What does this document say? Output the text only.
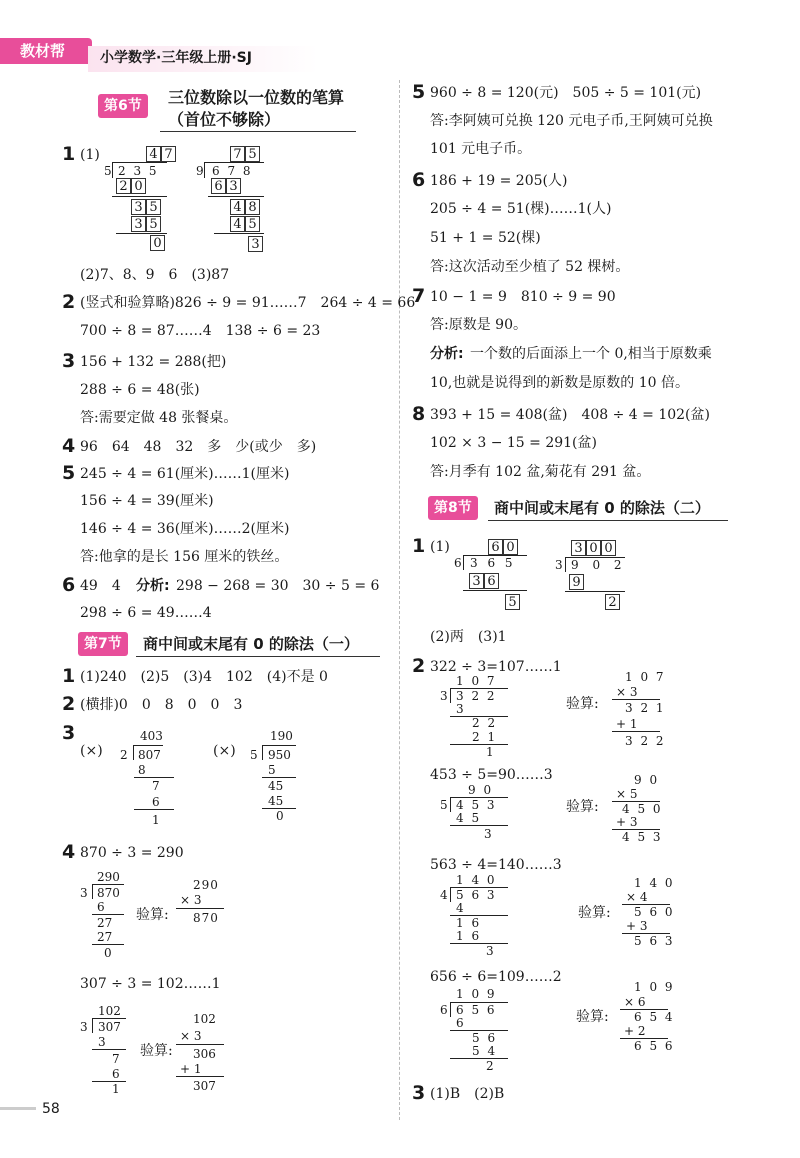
教材帮 小学数学·三年级上册·SJ
第6节	三位数除以一位数的笔算
（首位不够除）
1 (1)	4 7
5 2 3 5
2 0
3 5
3 5
0
7 5
9 6 7 8
6 3
4 8
4 5
3
(2)7、8、9　6　(3)87
2 (竖式和验算略)826 ÷ 9 = 91……7　264 ÷ 4 = 66
700 ÷ 8 = 87……4　138 ÷ 6 = 23
3 156 + 132 = 288(把)
288 ÷ 6 = 48(张)
答:需要定做 48 张餐桌。
4 96　64　48　32　多　少(或少　多)
5 245 ÷ 4 = 61(厘米)……1(厘米)
156 ÷ 4 = 39(厘米)
146 ÷ 4 = 36(厘米)……2(厘米)
答:他拿的是长 156 厘米的铁丝。
6 49　4 分析: 298 − 268 = 30　30 ÷ 5 = 6
298 ÷ 6 = 49……4
第7节	商中间或末尾有 0 的除法（一）
1 (1)240　(2)5　(3)4　102　(4)不是 0
2 (横排)0　0　8　0　0　3
3
(×)
403
2 807
8
7
6
1
(×)
190
5 950
5
45
45
0
4 870 ÷ 3 = 290
290
3 870
6
27
27
0
验算:
290
× 3
870
307 ÷ 3 = 102……1
102
3 307
3
7
6
1
验算:
102
× 3
306
+ 1
307
58
5 960 ÷ 8 = 120(元)　505 ÷ 5 = 101(元)
答:李阿姨可兑换 120 元电子币,王阿姨可兑换
101 元电子币。
6 186 + 19 = 205(人)
205 ÷ 4 = 51(棵)……1(人)
51 + 1 = 52(棵)
答:这次活动至少植了 52 棵树。
7 10 − 1 = 9　810 ÷ 9 = 90
答:原数是 90。
分析: 一个数的后面添上一个 0,相当于原数乘
10,也就是说得到的新数是原数的 10 倍。
8 393 + 15 = 408(盆)　408 ÷ 4 = 102(盆)
102 × 3 − 15 = 291(盆)
答:月季有 102 盆,菊花有 291 盆。
第8节	商中间或末尾有 0 的除法（二）
1 (1)	6 0
6 3 6 5
3 6
5
3 0 0
3 9 0 2
9
2
(2)两　(3)1
2 322 ÷ 3=107……1
1 0 7
3 3 2 2
3
2 2
2 1
1
验算:
1 0 7
× 3
3 2 1
+ 1
3 2 2
453 ÷ 5=90……3
9 0
5 4 5 3
4 5
3
验算:
9 0
× 5
4 5 0
+ 3
4 5 3
563 ÷ 4=140……3
1 4 0
4 5 6 3
4
1 6
1 6
3
验算:
1 4 0
× 4
5 6 0
+ 3
5 6 3
656 ÷ 6=109……2
1 0 9
6 6 5 6
6
5 6
5 4
2
验算:
1 0 9
× 6
6 5 4
+ 2
6 5 6
3 (1)B　(2)B
